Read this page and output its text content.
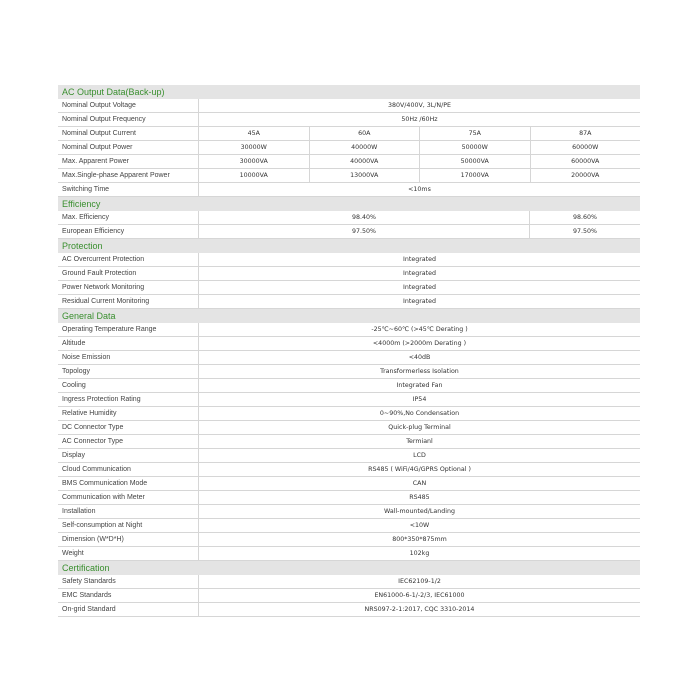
AC Output Data(Back-up)
Nominal Output Voltage	380V/400V, 3L/N/PE
Nominal Output Frequency	50Hz /60Hz
Nominal Output Current	45A	60A	75A	87A
Nominal Output Power	30000W	40000W	50000W	60000W
Max. Apparent Power	30000VA	40000VA	50000VA	60000VA
Max.Single-phase Apparent Power	10000VA	13000VA	17000VA	20000VA
Switching Time	<10ms
Efficiency
Max. Efficiency	98.40%	98.60%
European Efficiency	97.50%	97.50%
Protection
AC Overcurrent Protection	Integrated
Ground Fault Protection	Integrated
Power Network Monitoring	Integrated
Residual Current Monitoring	Integrated
General Data
Operating Temperature Range	-25℃~60℃ (>45℃ Derating )
Altitude	<4000m (>2000m Derating )
Noise Emission	<40dB
Topology	Transformerless Isolation
Cooling	Integrated Fan
Ingress Protection Rating	IP54
Relative Humidity	0~90%,No Condensation
DC Connector Type	Quick-plug Terminal
AC Connector Type	Termianl
Display	LCD
Cloud Communication	RS485 ( WiFi/4G/GPRS Optional )
BMS Communication Mode	CAN
Communication with Meter	RS485
Installation	Wall-mounted/Landing
Self-consumption at Night	<10W
Dimension (W*D*H)	800*350*875mm
Weight	102kg
Certification
Safety Standards	IEC62109-1/2
EMC Standards	EN61000-6-1/-2/3, IEC61000
On-grid Standard	NRS097-2-1:2017, CQC 3310-2014
